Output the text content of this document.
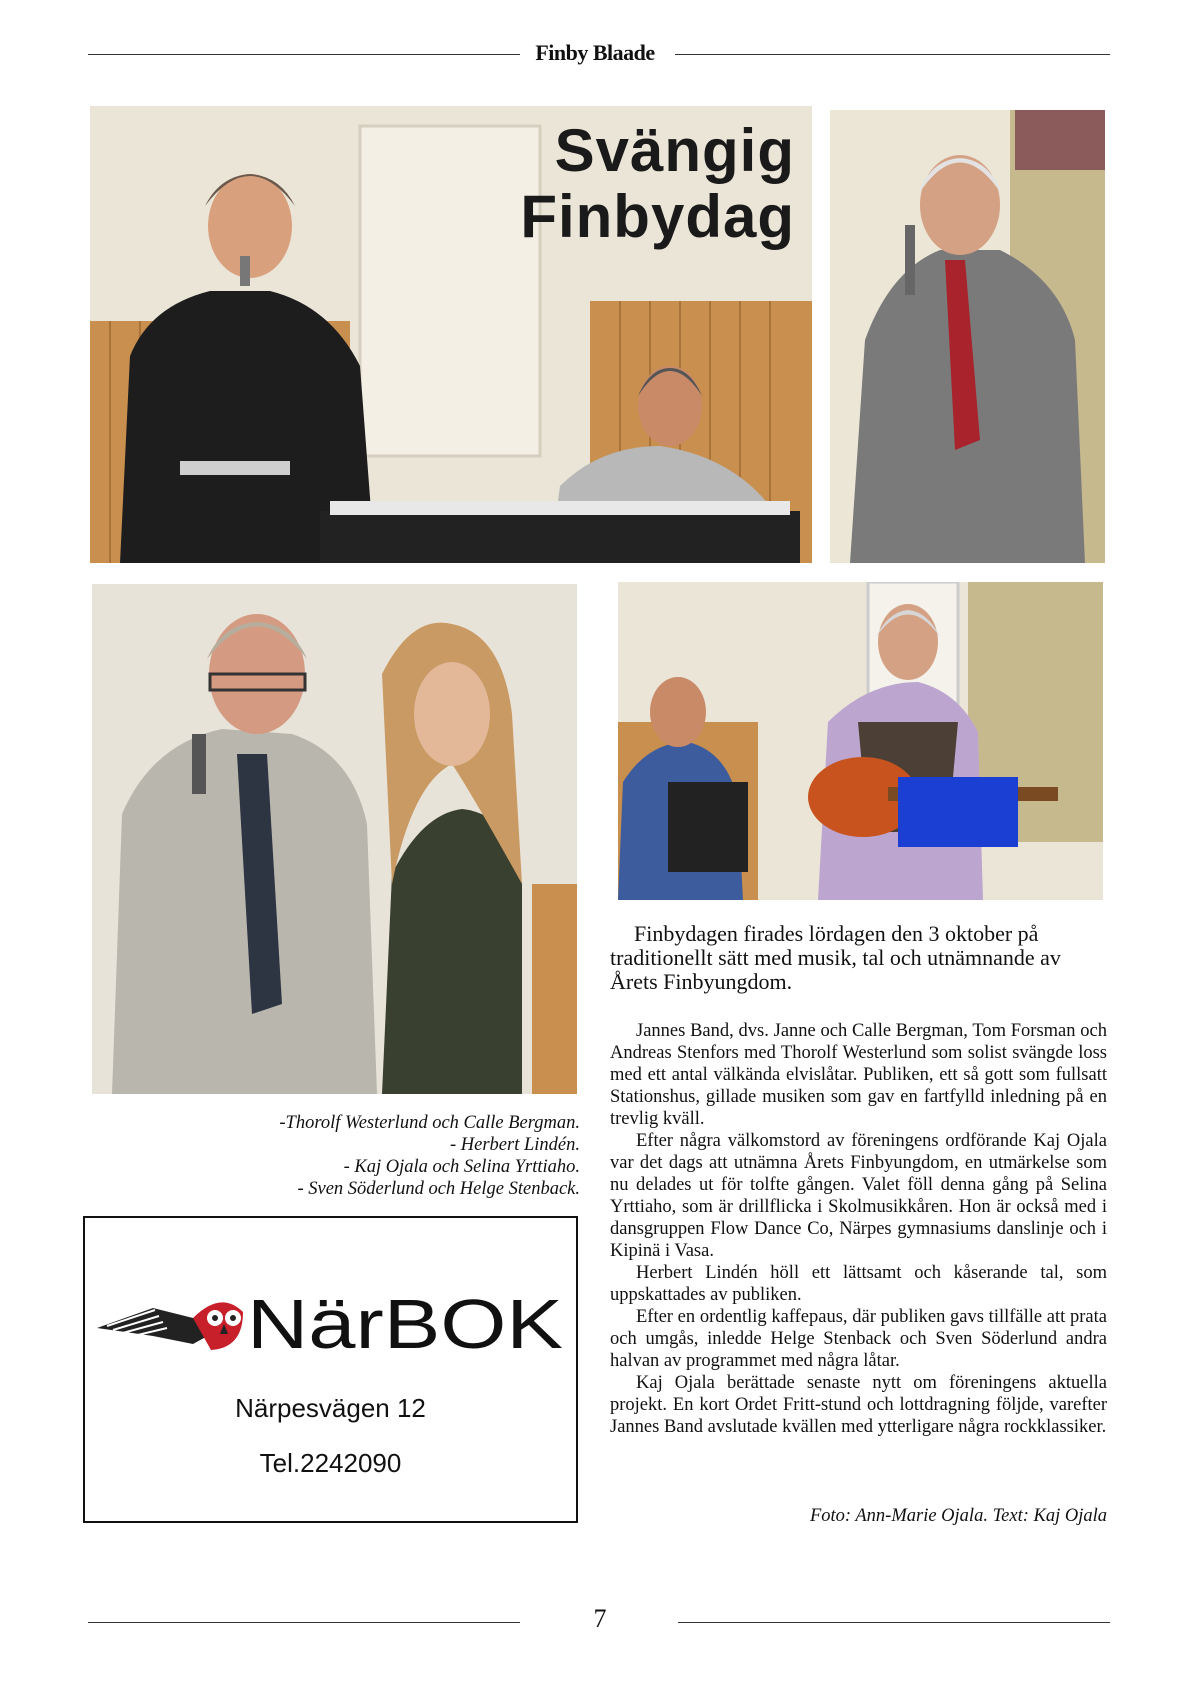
Finby Blaade
Svängig
Finbydag
-Thorolf Westerlund och Calle Bergman.
- Herbert Lindén.
- Kaj Ojala och Selina Yrttiaho.
- Sven Söderlund och Helge Stenback.
NärBOK
Närpesvägen 12
Tel.2242090
Finbydagen firades lördagen den 3 oktober på traditionellt sätt med musik, tal och utnämnande av Årets Finbyungdom.

Jannes Band, dvs. Janne och Calle Bergman, Tom Forsman och Andreas Stenfors med Thorolf Westerlund som solist svängde loss med ett antal välkända elvislåtar. Publiken, ett så gott som fullsatt Stationshus, gillade musiken som gav en fartfylld inledning på en trevlig kväll.

Efter några välkomstord av föreningens ordförande Kaj Ojala var det dags att utnämna Årets Finbyungdom, en utmärkelse som nu delades ut för tolfte gången. Valet föll denna gång på Selina Yrttiaho, som är drillflicka i Skolmusikkåren. Hon är också med i dansgruppen Flow Dance Co, Närpes gymnasiums danslinje och i Kipinä i Vasa.

Herbert Lindén höll ett lättsamt och kåserande tal, som uppskattades av publiken.

Efter en ordentlig kaffepaus, där publiken gavs tillfälle att prata och umgås, inledde Helge Stenback och Sven Söderlund andra halvan av programmet med några låtar.

Kaj Ojala berättade senaste nytt om föreningens aktuella projekt. En kort Ordet Fritt-stund och lottdragning följde, varefter Jannes Band avslutade kvällen med ytterligare några rockklassiker.

Foto: Ann-Marie Ojala. Text: Kaj Ojala
7
